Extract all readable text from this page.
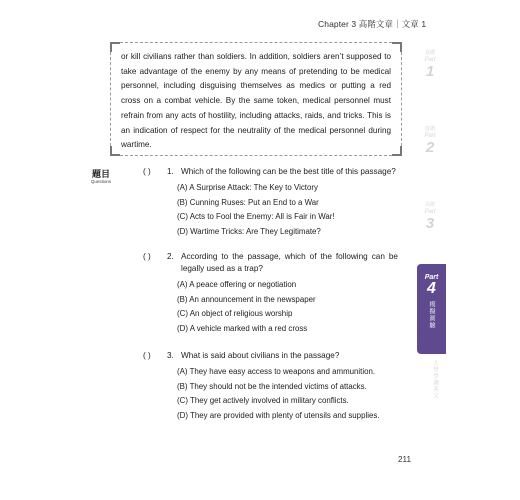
Chapter 3 高階文章｜文章 1

or kill civilians rather than soldiers. In addition, soldiers aren’t supposed to take advantage of the enemy by any means of pretending to be medical personnel, including disguising themselves as medics or putting a red cross on a combat vehicle. By the same token, medical personnel must refrain from any acts of hostility, including attacks, raids, and tricks. This is an indication of respect for the neutrality of the medical personnel during wartime.

題目
Questions
( )	1. Which of the following can be the best title of this passage?
(A) A Surprise Attack: The Key to Victory
(B) Cunning Ruses: Put an End to a War
(C) Acts to Fool the Enemy: All is Fair in War!
(D) Wartime Tricks: Are They Legitimate?
( )	2. According to the passage, which of the following can be legally used as a trap?
(A) A peace offering or negotiation
(B) An announcement in the newspaper
(C) An object of religious worship
(D) A vehicle marked with a red cross
( )	3. What is said about civilians in the passage?
(A) They have easy access to weapons and ammunition.
(B) They should not be the intended victims of attacks.
(C) They get actively involved in military conflicts.
(D) They are provided with plenty of utensils and supplies.
基礎
Part
1
進階
Part
2
高階
Part
3
Part
4
模擬測驗
大學學測英文
211
